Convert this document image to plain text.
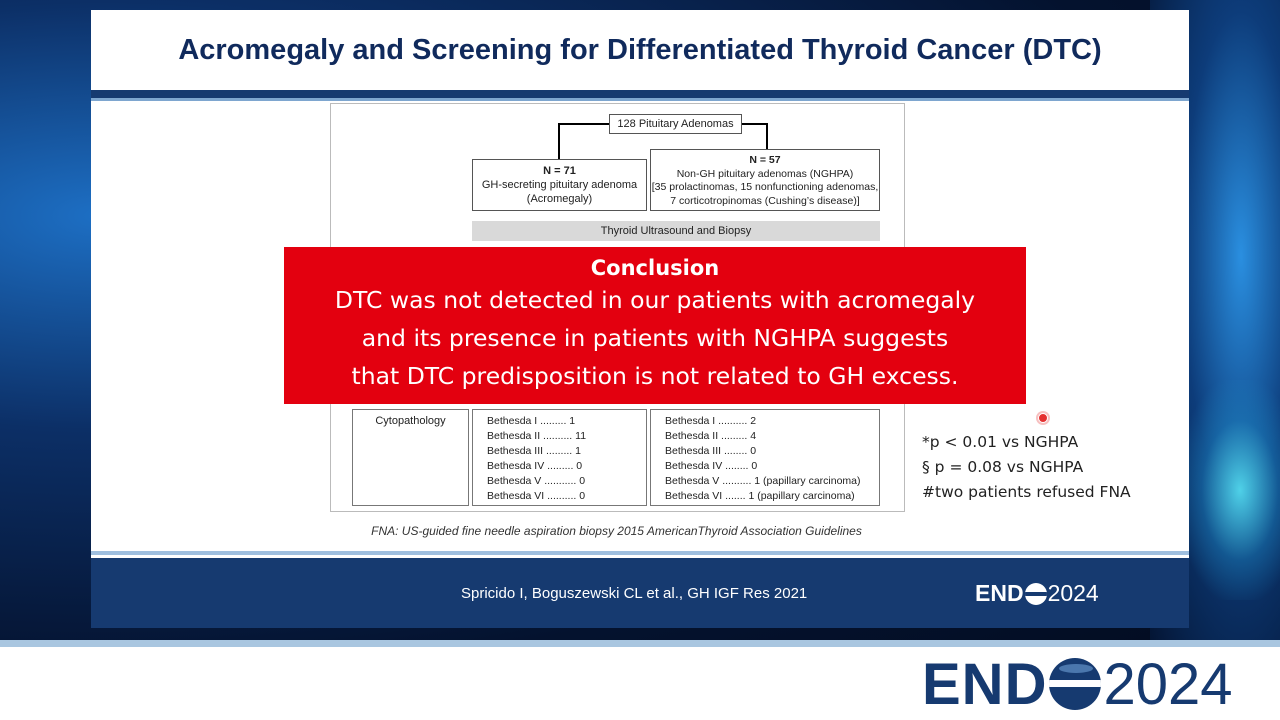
Acromegaly and Screening for Differentiated Thyroid Cancer (DTC)
128 Pituitary Adenomas
N = 71
GH-secreting pituitary adenoma
(Acromegaly)
N = 57
Non-GH pituitary adenomas (NGHPA)
[35 prolactinomas, 15 nonfunctioning adenomas,
7 corticotropinomas (Cushing’s disease)]
Thyroid Ultrasound and Biopsy
Cytopathology	Bethesda I ......... 1
Bethesda II .......... 11
Bethesda III ......... 1
Bethesda IV ......... 0
Bethesda V ........... 0
Bethesda VI .......... 0
Bethesda I .......... 2
Bethesda II ......... 4
Bethesda III ........ 0
Bethesda IV ........ 0
Bethesda V .......... 1 (papillary carcinoma)
Bethesda VI ....... 1 (papillary carcinoma)
FNA: US-guided fine needle aspiration biopsy 2015 AmericanThyroid Association Guidelines
*p < 0.01 vs NGHPA
§ p = 0.08 vs NGHPA
#two patients refused FNA
Spricido I, Boguszewski CL et al., GH IGF Res 2021	END 2024
Conclusion
DTC was not detected in our patients with acromegaly
and its presence in patients with NGHPA suggests
that DTC predisposition is not related to GH excess.
END 2024
